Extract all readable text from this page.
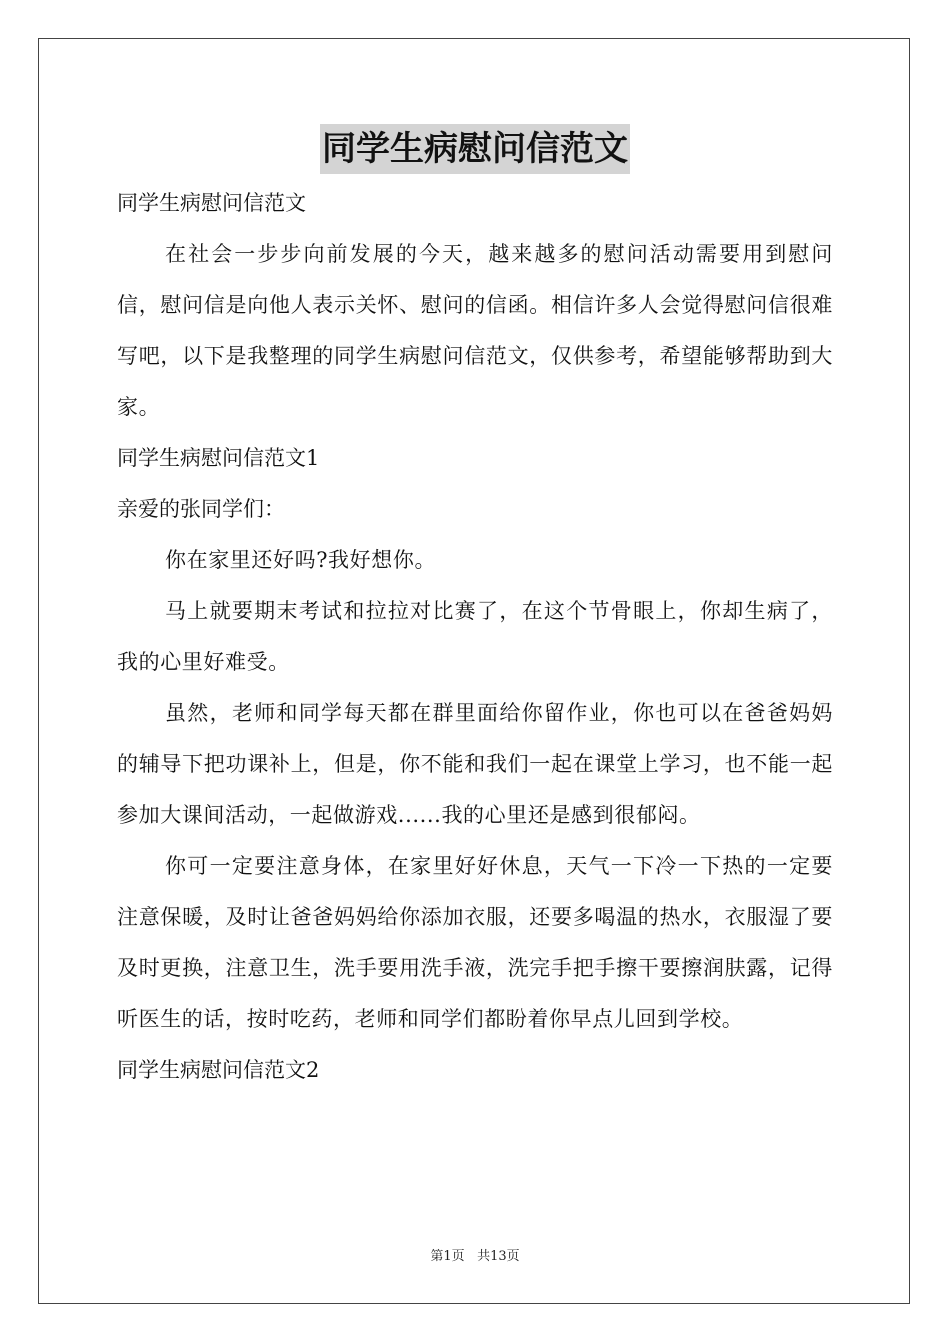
同学生病慰问信范文

同学生病慰问信范文

在社会一步步向前发展的今天，越来越多的慰问活动需要用到慰问信，慰问信是向他人表示关怀、慰问的信函。相信许多人会觉得慰问信很难写吧，以下是我整理的同学生病慰问信范文，仅供参考，希望能够帮助到大家。

同学生病慰问信范文1

亲爱的张同学们：

你在家里还好吗?我好想你。

马上就要期末考试和拉拉对比赛了，在这个节骨眼上，你却生病了，我的心里好难受。

虽然，老师和同学每天都在群里面给你留作业，你也可以在爸爸妈妈的辅导下把功课补上，但是，你不能和我们一起在课堂上学习，也不能一起参加大课间活动，一起做游戏......我的心里还是感到很郁闷。

你可一定要注意身体，在家里好好休息，天气一下冷一下热的一定要注意保暖，及时让爸爸妈妈给你添加衣服，还要多喝温的热水，衣服湿了要及时更换，注意卫生，洗手要用洗手液，洗完手把手擦干要擦润肤露，记得听医生的话，按时吃药，老师和同学们都盼着你早点儿回到学校。

同学生病慰问信范文2

第1页 共13页
